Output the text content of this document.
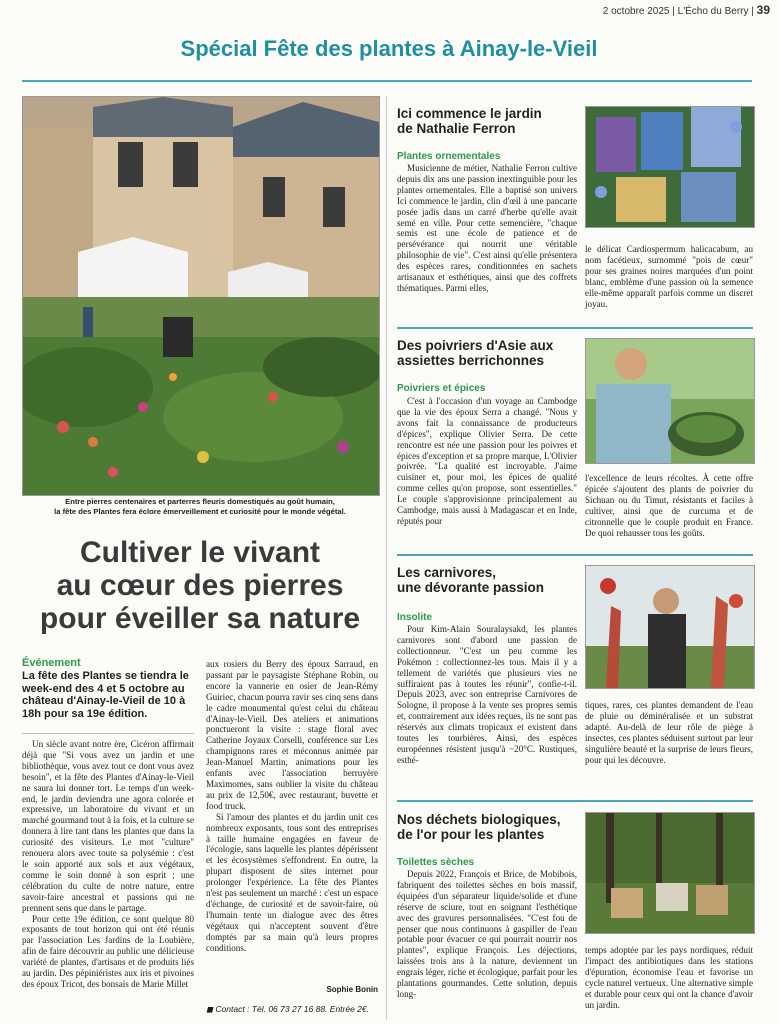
2 octobre 2025 | L'Écho du Berry | 39
Spécial Fête des plantes à Ainay-le-Vieil
Entre pierres centenaires et parterres fleuris domestiqués au goût humain,
la fête des Plantes fera éclore émerveillement et curiosité pour le monde végétal.
Cultiver le vivant
au cœur des pierres
pour éveiller sa nature
Événement
La fête des Plantes se tiendra le week-end des 4 et 5 octobre au château d'Ainay-le-Vieil de 10 à 18h pour sa 19e édition.

Un siècle avant notre ère, Cicéron affirmait déjà que "Si vous avez un jardin et une bibliothèque, vous avez tout ce dont vous avez besoin", et la fête des Plantes d'Ainay-le-Vieil ne saura lui donner tort. Le temps d'un week-end, le jardin deviendra une agora colorée et expressive, un laboratoire du vivant et un marché gourmand tout à la fois, et la culture se donnera à lire tant dans les plantes que dans la curiosité des visiteurs. Le mot "culture" renouera alors avec toute sa polysémie : c'est le soin apporté aux sols et aux végétaux, comme le soin donné à son esprit ; une célébration du culte de notre nature, entre savoir-faire ancestral et passions qui ne prennent sens que dans le partage.

Pour cette 19e édition, ce sont quelque 80 exposants de tout horizon qui ont été réunis par l'association Les Jardins de la Loubière, afin de faire découvrir au public une délicieuse variété de plantes, d'artisans et de produits liés au jardin. Des pépiniéristes aux iris et pivoines des époux Tricot, des bonsaïs de Marie Millet

aux rosiers du Berry des époux Sarraud, en passant par le paysagiste Stéphane Robin, ou encore la vannerie en osier de Jean-Rémy Guiriec, chacun pourra ravir ses cinq sens dans le cadre monumental qu'est celui du château d'Ainay-le-Vieil. Des ateliers et animations ponctueront la visite : stage floral avec Catherine Joyaux Corselli, conférence sur Les champignons rares et méconnus animée par Jean-Manuel Martin, animations pour les enfants avec l'association berruyère Maximomes, sans oublier la visite du château au prix de 12,50€, avec restaurant, buvette et food truck.

Si l'amour des plantes et du jardin unit ces nombreux exposants, tous sont des entreprises à taille humaine engagées en faveur de l'écologie, sans laquelle les plantes dépérissent et les écosystèmes s'effondrent. En outre, la plupart disposent de sites internet pour prolonger l'expérience. La fête des Plantes n'est pas seulement un marché : c'est un espace d'échange, de curiosité et de savoir-faire, où l'humain tente un dialogue avec des êtres végétaux qui n'acceptent souvent d'être domptés par sa main qu'à leurs propres conditions.

Sophie Bonin
◼ Contact : Tél. 06 73 27 16 88. Entrée 2€.
Ici commence le jardin
de Nathalie Ferron
Plantes ornementales

Musicienne de métier, Nathalie Ferron cultive depuis dix ans une passion inextinguible pour les plantes ornementales. Elle a baptisé son univers Ici commence le jardin, clin d'œil à une pancarte posée jadis dans un carré d'herbe qu'elle avait semé en ville. Pour cette semencière, "chaque semis est une école de patience et de persévérance qui nourrit une véritable philosophie de vie". C'est ainsi qu'elle présentera des espèces rares, conditionnées en sachets artisanaux et esthétiques, ainsi que des coffrets thématiques. Parmi elles,

le délicat Cardiospermum halicacabum, au nom facétieux, surnommé "pois de cœur" pour ses graines noires marquées d'un point blanc, emblème d'une passion où la semence elle-même apparaît parfois comme un discret joyau.

Des poivriers d'Asie aux
assiettes berrichonnes
Poivriers et épices

C'est à l'occasion d'un voyage au Cambodge que la vie des époux Serra a changé. "Nous y avons fait la connaissance de producteurs d'épices", explique Olivier Serra. De cette rencontre est née une passion pour les poivres et épices d'exception et sa propre marque, L'Olivier poivrée. "La qualité est incroyable. J'aime cuisiner et, pour moi, les épices de qualité comme celles qu'on propose, sont essentielles." Le couple s'approvisionne principalement au Cambodge, mais aussi à Madagascar et en Inde, réputés pour

l'excellence de leurs récoltes. À cette offre épicée s'ajoutent des plants de poivrier du Sichuan ou du Timut, résistants et faciles à cultiver, ainsi que de curcuma et de citronnelle que le couple produit en France. De quoi rehausser tous les goûts.

Les carnivores,
une dévorante passion
Insolite

Pour Kim-Alain Souralaysakd, les plantes carnivores sont d'abord une passion de collectionneur. "C'est un peu comme les Pokémon : collectionnez-les tous. Mais il y a tellement de variétés que plusieurs vies ne suffiraient pas à toutes les réunir", confie-t-il. Depuis 2023, avec son entreprise Carnivores de Sologne, il propose à la vente ses propres semis et, contrairement aux idées reçues, ils ne sont pas réservés aux climats tropicaux et existent dans toutes les tourbières. Ainsi, des espèces européennes résistent jusqu'à −20°C. Rustiques, esthé-

tiques, rares, ces plantes demandent de l'eau de pluie ou déminéralisée et un substrat adapté. Au-delà de leur rôle de piège à insectes, ces plantes séduisent surtout par leur singulière beauté et la surprise de leurs fleurs, pour qui les découvre.

Nos déchets biologiques,
de l'or pour les plantes
Toilettes sèches

Depuis 2022, François et Brice, de Mobibois, fabriquent des toilettes sèches en bois massif, équipées d'un séparateur liquide/solide et d'une réserve de sciure, tout en soignant l'esthétique avec des gravures personnalisées. "C'est fou de penser que nous continuons à gaspiller de l'eau potable pour évacuer ce qui pourrait nourrir nos plantes", explique François. Les déjections, laissées trois ans à la nature, deviennent un engrais léger, riche et écologique, parfait pour les plantations gourmandes. Cette solution, depuis long-

temps adoptée par les pays nordiques, réduit l'impact des antibiotiques dans les stations d'épuration, économise l'eau et favorise un cycle naturel vertueux. Une alternative simple et durable pour ceux qui ont la chance d'avoir un jardin.
